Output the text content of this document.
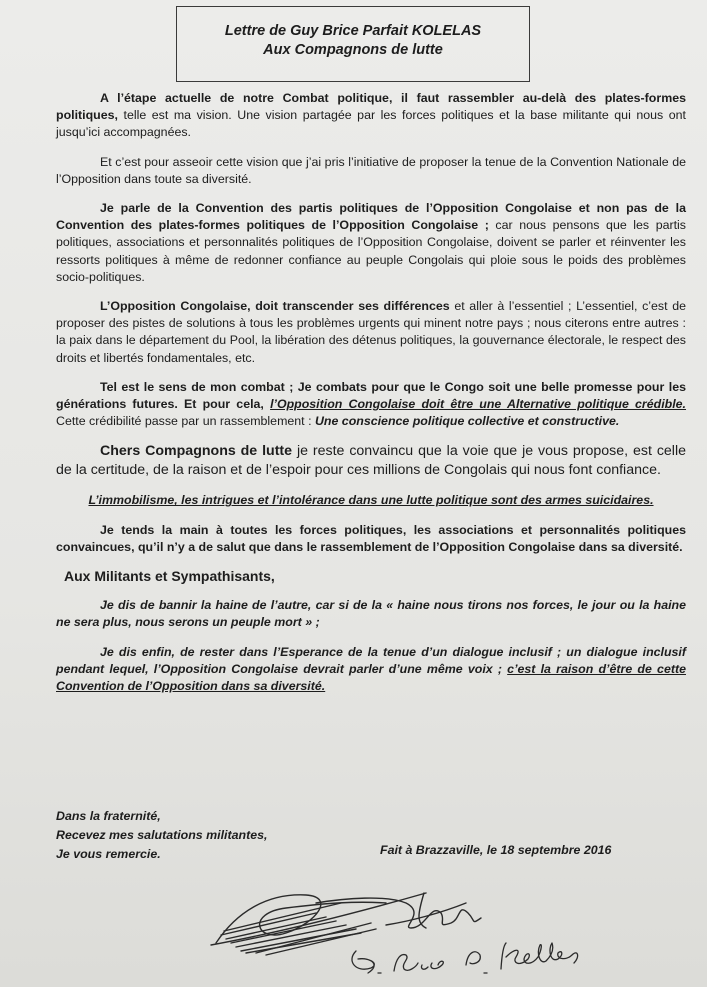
Lettre de Guy Brice Parfait KOLELAS
Aux Compagnons de lutte

A l’étape actuelle de notre Combat politique, il faut rassembler au-delà des plates-formes politiques, telle est ma vision. Une vision partagée par les forces politiques et la base militante qui nous ont jusqu’ici accompagnées.

Et c’est pour asseoir cette vision que j’ai pris l’initiative de proposer la tenue de la Convention Nationale de l’Opposition dans toute sa diversité.

Je parle de la Convention des partis politiques de l’Opposition Congolaise et non pas de la Convention des plates-formes politiques de l’Opposition Congolaise ; car nous pensons que les partis politiques, associations et personnalités politiques de l’Opposition Congolaise, doivent se parler et réinventer les ressorts politiques à même de redonner confiance au peuple Congolais qui ploie sous le poids des problèmes socio-politiques.

L’Opposition Congolaise, doit transcender ses différences et aller à l’essentiel ; L’essentiel, c’est de proposer des pistes de solutions à tous les problèmes urgents qui minent notre pays ; nous citerons entre autres : la paix dans le département du Pool, la libération des détenus politiques, la gouvernance électorale, le respect des droits et libertés fondamentales, etc.

Tel est le sens de mon combat ; Je combats pour que le Congo soit une belle promesse pour les générations futures. Et pour cela, l’Opposition Congolaise doit être une Alternative politique crédible. Cette crédibilité passe par un rassemblement : Une conscience politique collective et constructive.

Chers Compagnons de lutte je reste convaincu que la voie que je vous propose, est celle de la certitude, de la raison et de l’espoir pour ces millions de Congolais qui nous font confiance.

L’immobilisme, les intrigues et l’intolérance dans une lutte politique sont des armes suicidaires.

Je tends la main à toutes les forces politiques, les associations et personnalités politiques convaincues, qu’il n’y a de salut que dans le rassemblement de l’Opposition Congolaise dans sa diversité.

Aux Militants et Sympathisants,

Je dis de bannir la haine de l’autre, car si de la « haine nous tirons nos forces, le jour ou la haine ne sera plus, nous serons un peuple mort » ;

Je dis enfin, de rester dans l’Esperance de la tenue d’un dialogue inclusif ; un dialogue inclusif pendant lequel, l’Opposition Congolaise devrait parler d’une même voix ; c’est la raison d’être de cette Convention de l’Opposition dans sa diversité.

Dans la fraternité,
Recevez mes salutations militantes,
Je vous remercie.	Fait à Brazzaville, le 18 septembre 2016
